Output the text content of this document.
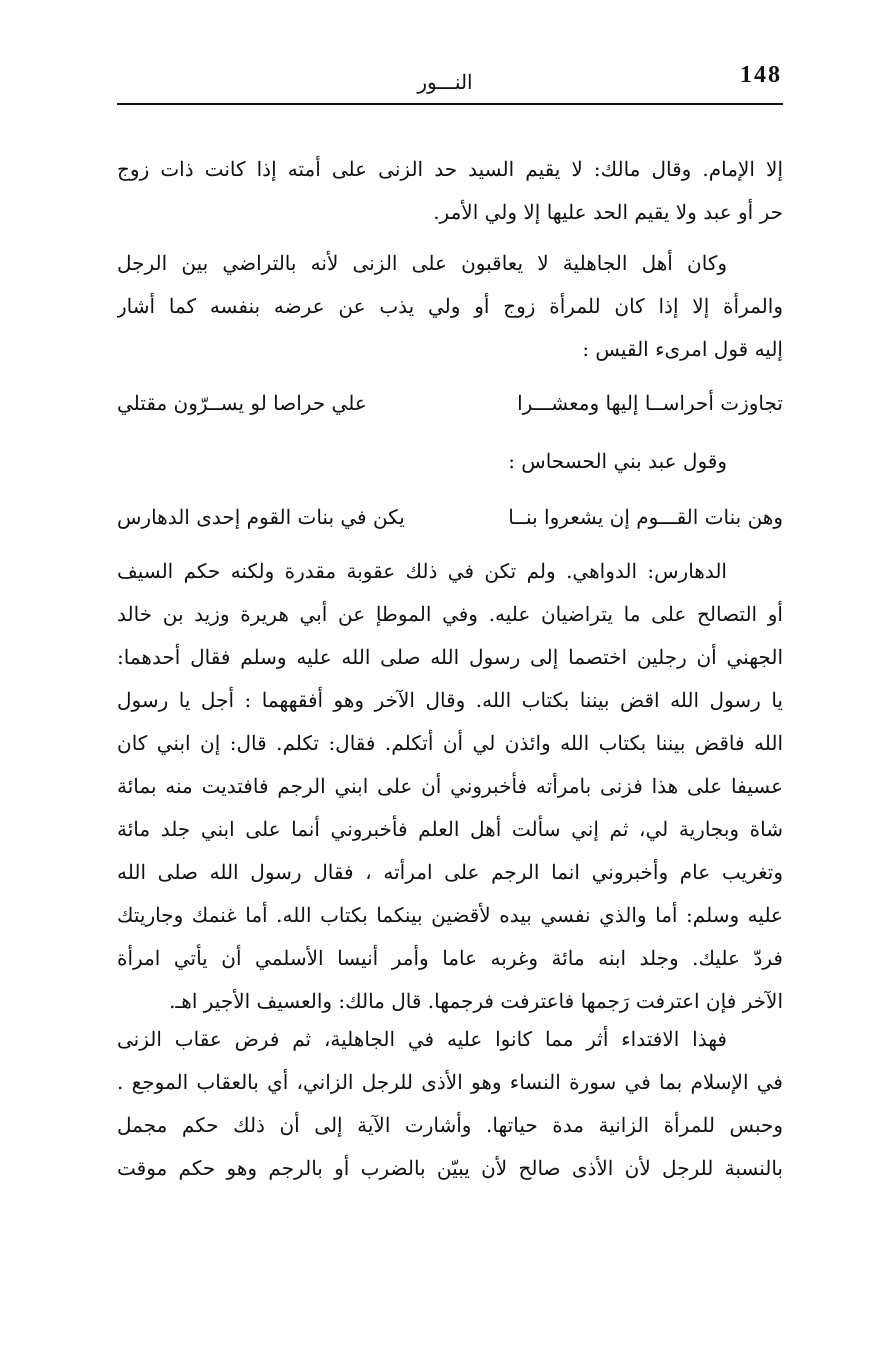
148
النـــور
إلا الإمام. وقال مالك: لا يقيم السيد حد الزنى على أمته إذا كانت ذات زوج
حر أو عبد ولا يقيم الحد عليها إلا ولي الأمر.
وكان أهل الجاهلية لا يعاقبون على الزنى لأنه بالتراضي بين الرجل
والمرأة إلا إذا كان للمرأة زوج أو ولي يذب عن عرضه بنفسه كما أشار
إليه قول امرىء القيس :
تجاوزت أحراســا إليها ومعشـــرا
علي حراصا لو يســرّون مقتلي
وقول عبد بني الحسحاس :
وهن بنات القـــوم إن يشعروا بنــا
يكن في بنات القوم إحدى الدهارس
الدهارس: الدواهي. ولم تكن في ذلك عقوبة مقدرة ولكنه حكم السيف
أو التصالح على ما يتراضيان عليه. وفي الموطإ عن أبي هريرة وزيد بن خالد
الجهني أن رجلين اختصما إلى رسول الله صلى الله عليه وسلم فقال أحدهما:
يا رسول الله اقض بيننا بكتاب الله. وقال الآخر وهو أفقههما : أجل يا رسول
الله فاقض بيننا بكتاب الله وائذن لي أن أتكلم. فقال: تكلم. قال: إن ابني كان
عسيفا على هذا فزنى بامرأته فأخبروني أن على ابني الرجم فافتديت منه بمائة
شاة وبجارية لي، ثم إني سألت أهل العلم فأخبروني أنما على ابني جلد مائة
وتغريب عام وأخبروني انما الرجم على امرأته ، فقال رسول الله صلى الله
عليه وسلم: أما والذي نفسي بيده لأقضين بينكما بكتاب الله. أما غنمك وجاريتك
فردّ عليك. وجلد ابنه مائة وغربه عاما وأمر أنيسا الأسلمي أن يأتي امرأة
الآخر فإن اعترفت رَجمها فاعترفت فرجمها. قال مالك: والعسيف الأجير اهـ.
فهذا الافتداء أثر مما كانوا عليه في الجاهلية، ثم فرض عقاب الزنى
في الإسلام بما في سورة النساء وهو الأذى للرجل الزاني، أي بالعقاب الموجع .
وحبس للمرأة الزانية مدة حياتها. وأشارت الآية إلى أن ذلك حكم مجمل
بالنسبة للرجل لأن الأذى صالح لأن يبيّن بالضرب أو بالرجم وهو حكم موقت
